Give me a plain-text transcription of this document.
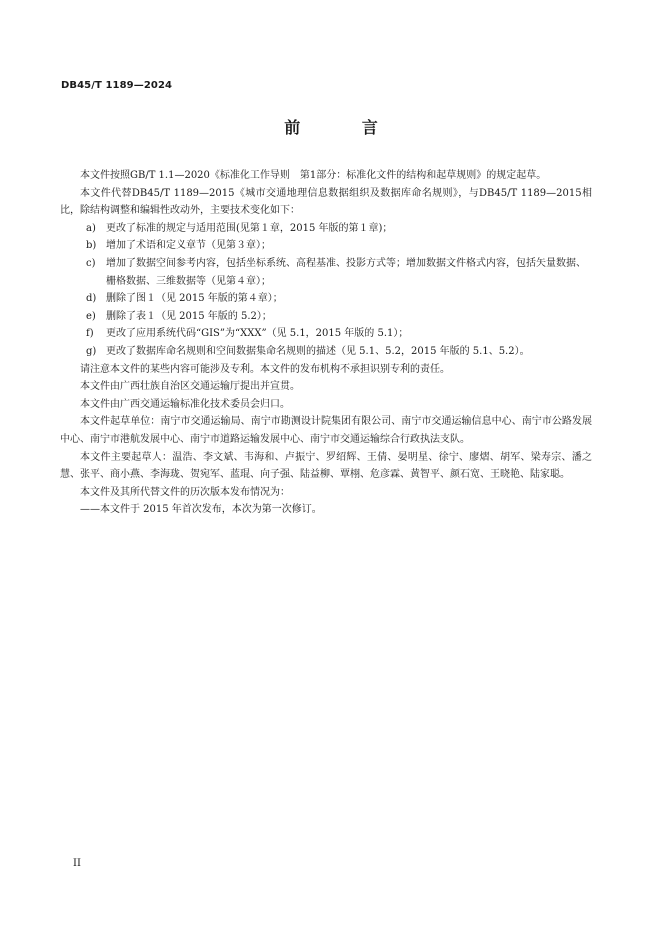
DB45/T 1189—2024
前 言

本文件按照GB/T 1.1—2020《标准化工作导则　第1部分：标准化文件的结构和起草规则》的规定起草。

本文件代替DB45/T 1189—2015《城市交通地理信息数据组织及数据库命名规则》，与DB45/T 1189—2015相比，除结构调整和编辑性改动外，主要技术变化如下：

a) 更改了标准的规定与适用范围(见第１章，2015 年版的第１章)；

b) 增加了术语和定义章节（见第３章）；

c) 增加了数据空间参考内容，包括坐标系统、高程基准、投影方式等；增加数据文件格式内容，包括矢量数据、栅格数据、三维数据等（见第４章）；

d) 删除了图１（见 2015 年版的第４章）；

e) 删除了表１（见 2015 年版的 5.2）；

f) 更改了应用系统代码“GIS”为“XXX”（见 5.1，2015 年版的 5.1）；

g) 更改了数据库命名规则和空间数据集命名规则的描述（见 5.1、5.2，2015 年版的 5.1、5.2）。

请注意本文件的某些内容可能涉及专利。本文件的发布机构不承担识别专利的责任。

本文件由广西壮族自治区交通运输厅提出并宣贯。

本文件由广西交通运输标准化技术委员会归口。

本文件起草单位：南宁市交通运输局、南宁市勘测设计院集团有限公司、南宁市交通运输信息中心、南宁市公路发展中心、南宁市港航发展中心、南宁市道路运输发展中心、南宁市交通运输综合行政执法支队。

本文件主要起草人：温浩、李文斌、韦海和、卢振宁、罗绍辉、王倩、晏明星、徐宁、廖熠、胡军、梁寿宗、潘之慧、张平、商小燕、李海珑、贺宛军、蓝琨、向子强、陆益柳、覃栩、危彦霖、黄智平、颜石宽、王晓艳、陆家聪。

本文件及其所代替文件的历次版本发布情况为：

——本文件于 2015 年首次发布，本次为第一次修订。

II
